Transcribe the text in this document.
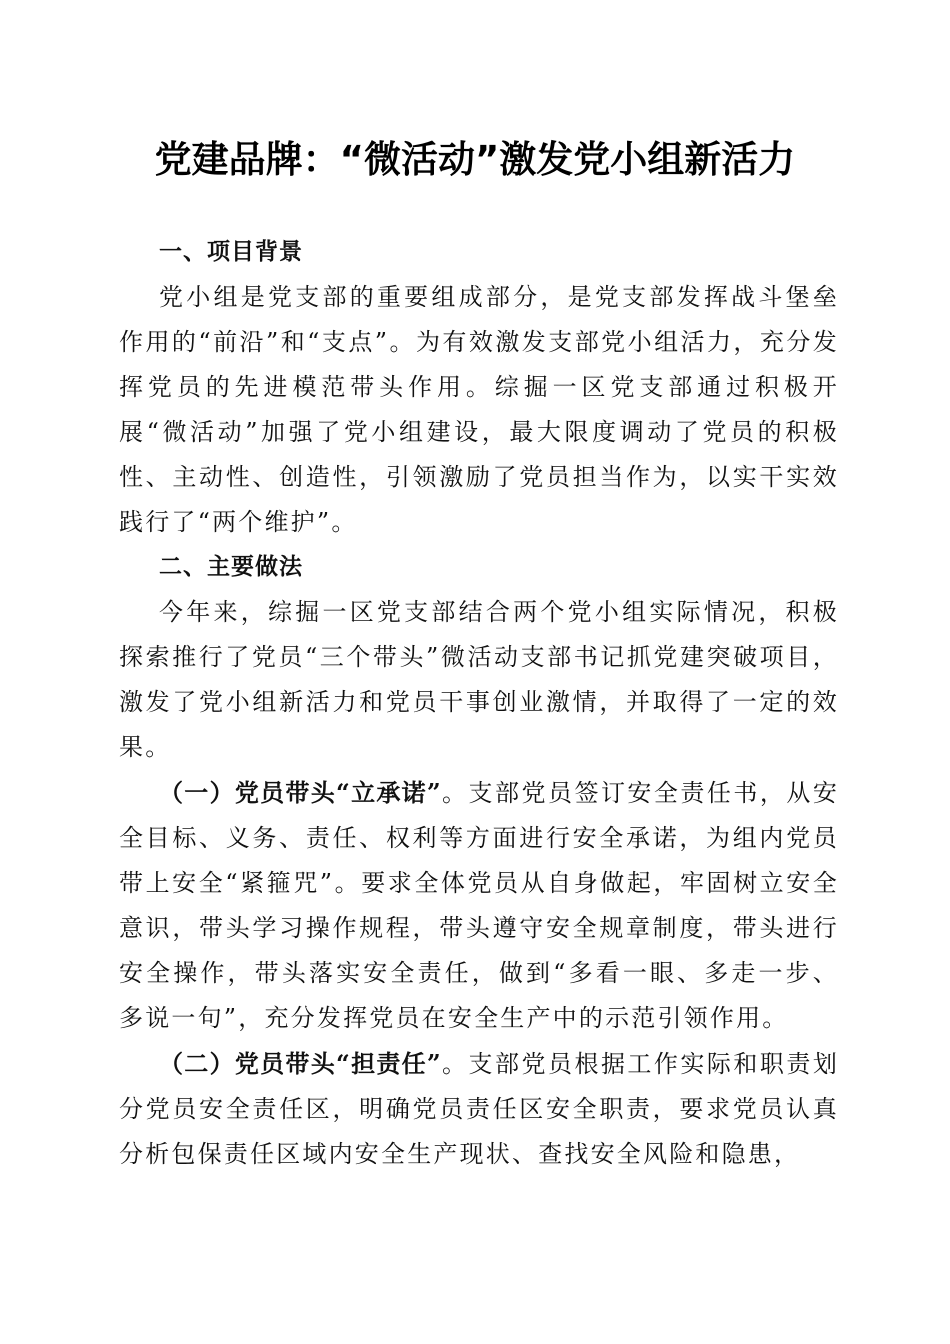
党建品牌：“微活动”激发党小组新活力
一、项目背景

党小组是党支部的重要组成部分，是党支部发挥战斗堡垒作用的“前沿”和“支点”。为有效激发支部党小组活力，充分发挥党员的先进模范带头作用。综掘一区党支部通过积极开展“微活动”加强了党小组建设，最大限度调动了党员的积极性、主动性、创造性，引领激励了党员担当作为，以实干实效践行了“两个维护”。

二、主要做法

今年来，综掘一区党支部结合两个党小组实际情况，积极探索推行了党员“三个带头”微活动支部书记抓党建突破项目，激发了党小组新活力和党员干事创业激情，并取得了一定的效果。

（一）党员带头“立承诺”。支部党员签订安全责任书，从安全目标、义务、责任、权利等方面进行安全承诺，为组内党员带上安全“紧箍咒”。要求全体党员从自身做起，牢固树立安全意识，带头学习操作规程，带头遵守安全规章制度，带头进行安全操作，带头落实安全责任，做到“多看一眼、多走一步、多说一句”，充分发挥党员在安全生产中的示范引领作用。

（二）党员带头“担责任”。支部党员根据工作实际和职责划分党员安全责任区，明确党员责任区安全职责，要求党员认真分析包保责任区域内安全生产现状、查找安全风险和隐患，
